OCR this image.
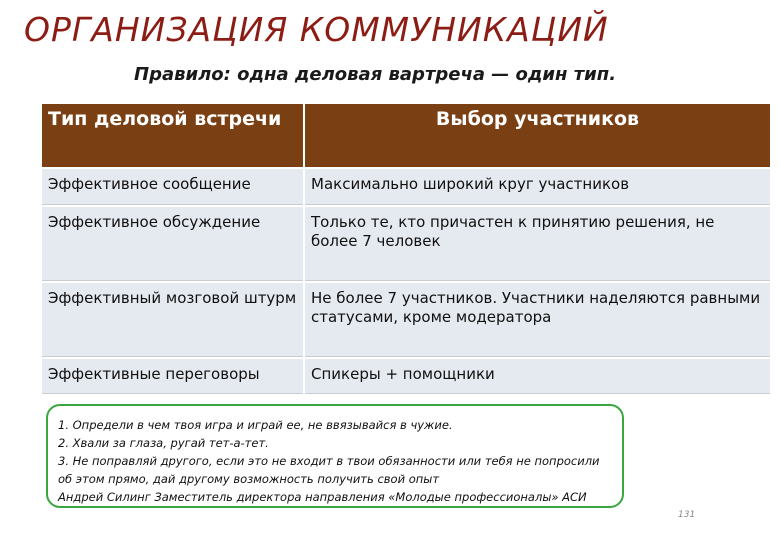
ОРГАНИЗАЦИЯ КОММУНИКАЦИЙ
Правило: одна деловая вартреча — один тип.
Тип деловой встречи	Выбор участников
Эффективное сообщение	Максимально широкий круг участников
Эффективное обсуждение	Только те, кто причастен к принятию решения, не более 7 человек
Эффективный мозговой штурм	Не более 7 участников. Участники наделяются равными статусами, кроме модератора
Эффективные переговоры	Спикеры + помощники
1. Определи в чем твоя игра и играй ее, не ввязывайся в чужие.
2. Хвали за глаза, ругай тет-а-тет.
3. Не поправляй другого, если это не входит в твои обязанности или тебя не попросили
об этом прямо, дай другому возможность получить свой опыт
Андрей Силинг Заместитель директора направления «Молодые профессионалы» АСИ
131
